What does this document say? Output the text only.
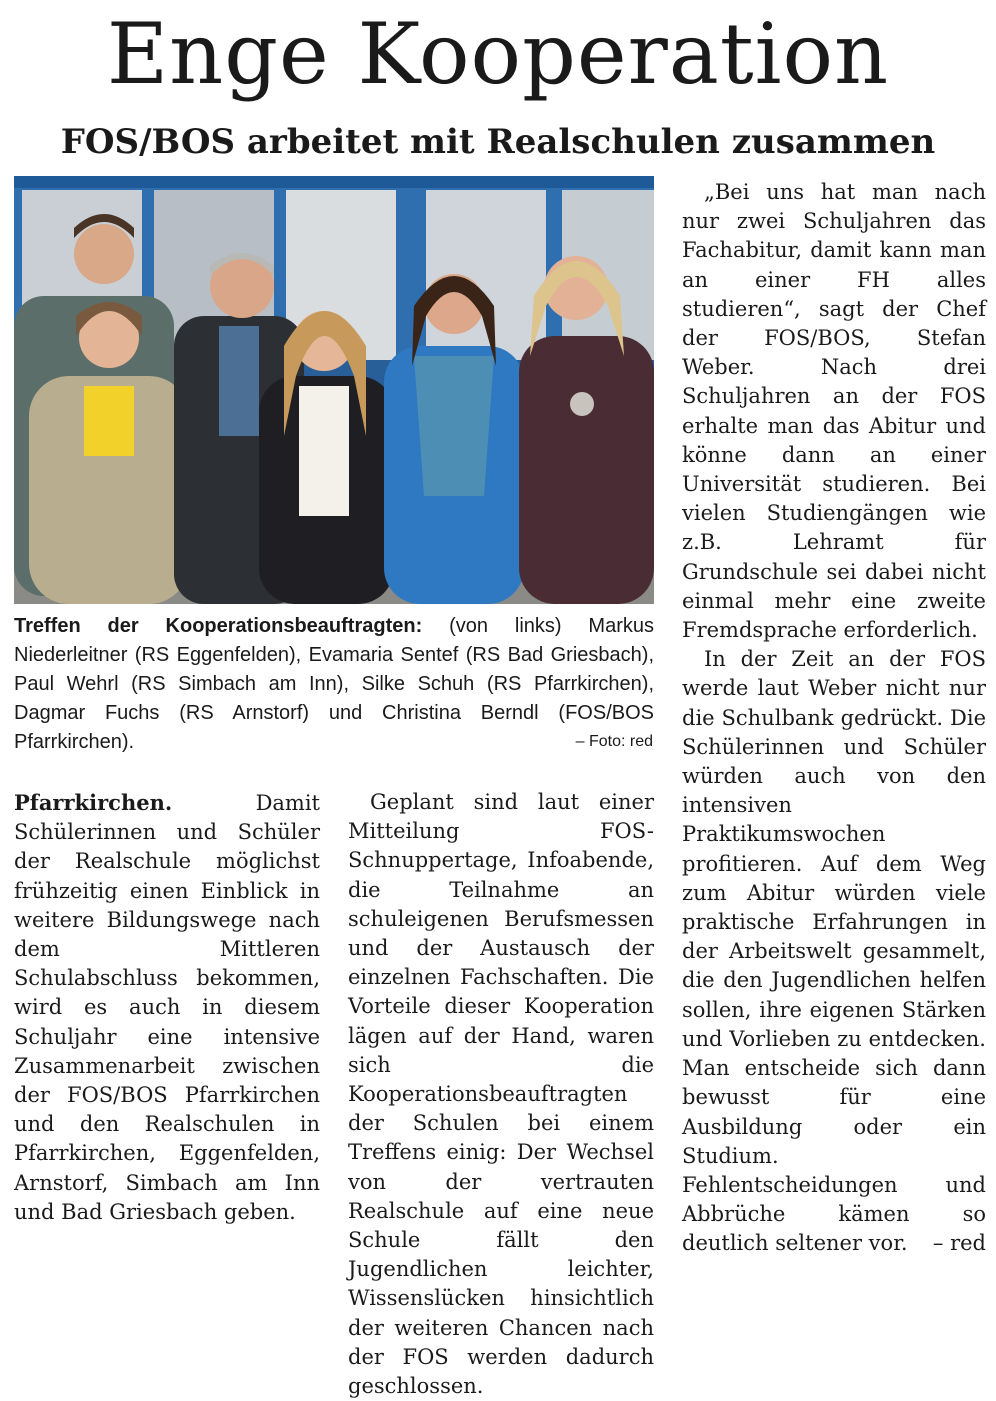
Enge Kooperation
FOS/BOS arbeitet mit Realschulen zusammen
Treffen der Kooperationsbeauftragten: (von links) Markus Niederleitner (RS Eggenfelden), Evamaria Sentef (RS Bad Griesbach), Paul Wehrl (RS Simbach am Inn), Silke Schuh (RS Pfarrkirchen), Dagmar Fuchs (RS Arnstorf) und Christina Berndl (FOS/BOS Pfarrkirchen).	– Foto: red

Pfarrkirchen. Damit Schülerinnen und Schüler der Realschule möglichst frühzeitig einen Einblick in weitere Bildungswege nach dem Mittleren Schulabschluss bekommen, wird es auch in diesem Schuljahr eine intensive Zusammenarbeit zwischen der FOS/BOS Pfarrkirchen und den Realschulen in Pfarrkirchen, Eggenfelden, Arnstorf, Simbach am Inn und Bad Griesbach geben.

Geplant sind laut einer Mitteilung FOS-Schnuppertage, Infoabende, die Teilnahme an schuleigenen Berufsmessen und der Austausch der einzelnen Fachschaften. Die Vorteile dieser Kooperation lägen auf der Hand, waren sich die Kooperationsbeauftragten der Schulen bei einem Treffens einig: Der Wechsel von der vertrauten Realschule auf eine neue Schule fällt den Jugendlichen leichter, Wissenslücken hinsichtlich der weiteren Chancen nach der FOS werden dadurch geschlossen.

„Bei uns hat man nach nur zwei Schuljahren das Fachabitur, damit kann man an einer FH alles studieren“, sagt der Chef der FOS/BOS, Stefan Weber. Nach drei Schuljahren an der FOS erhalte man das Abitur und könne dann an einer Universität studieren. Bei vielen Studiengängen wie z.B. Lehramt für Grundschule sei dabei nicht einmal mehr eine zweite Fremdsprache erforderlich.

In der Zeit an der FOS werde laut Weber nicht nur die Schulbank gedrückt. Die Schülerinnen und Schüler würden auch von den intensiven Praktikumswochen profitieren. Auf dem Weg zum Abitur würden viele praktische Erfahrungen in der Arbeitswelt gesammelt, die den Jugendlichen helfen sollen, ihre eigenen Stärken und Vorlieben zu entdecken. Man entscheide sich dann bewusst für eine Ausbildung oder ein Studium. Fehlentscheidungen und Abbrüche kämen so deutlich seltener vor.	– red
